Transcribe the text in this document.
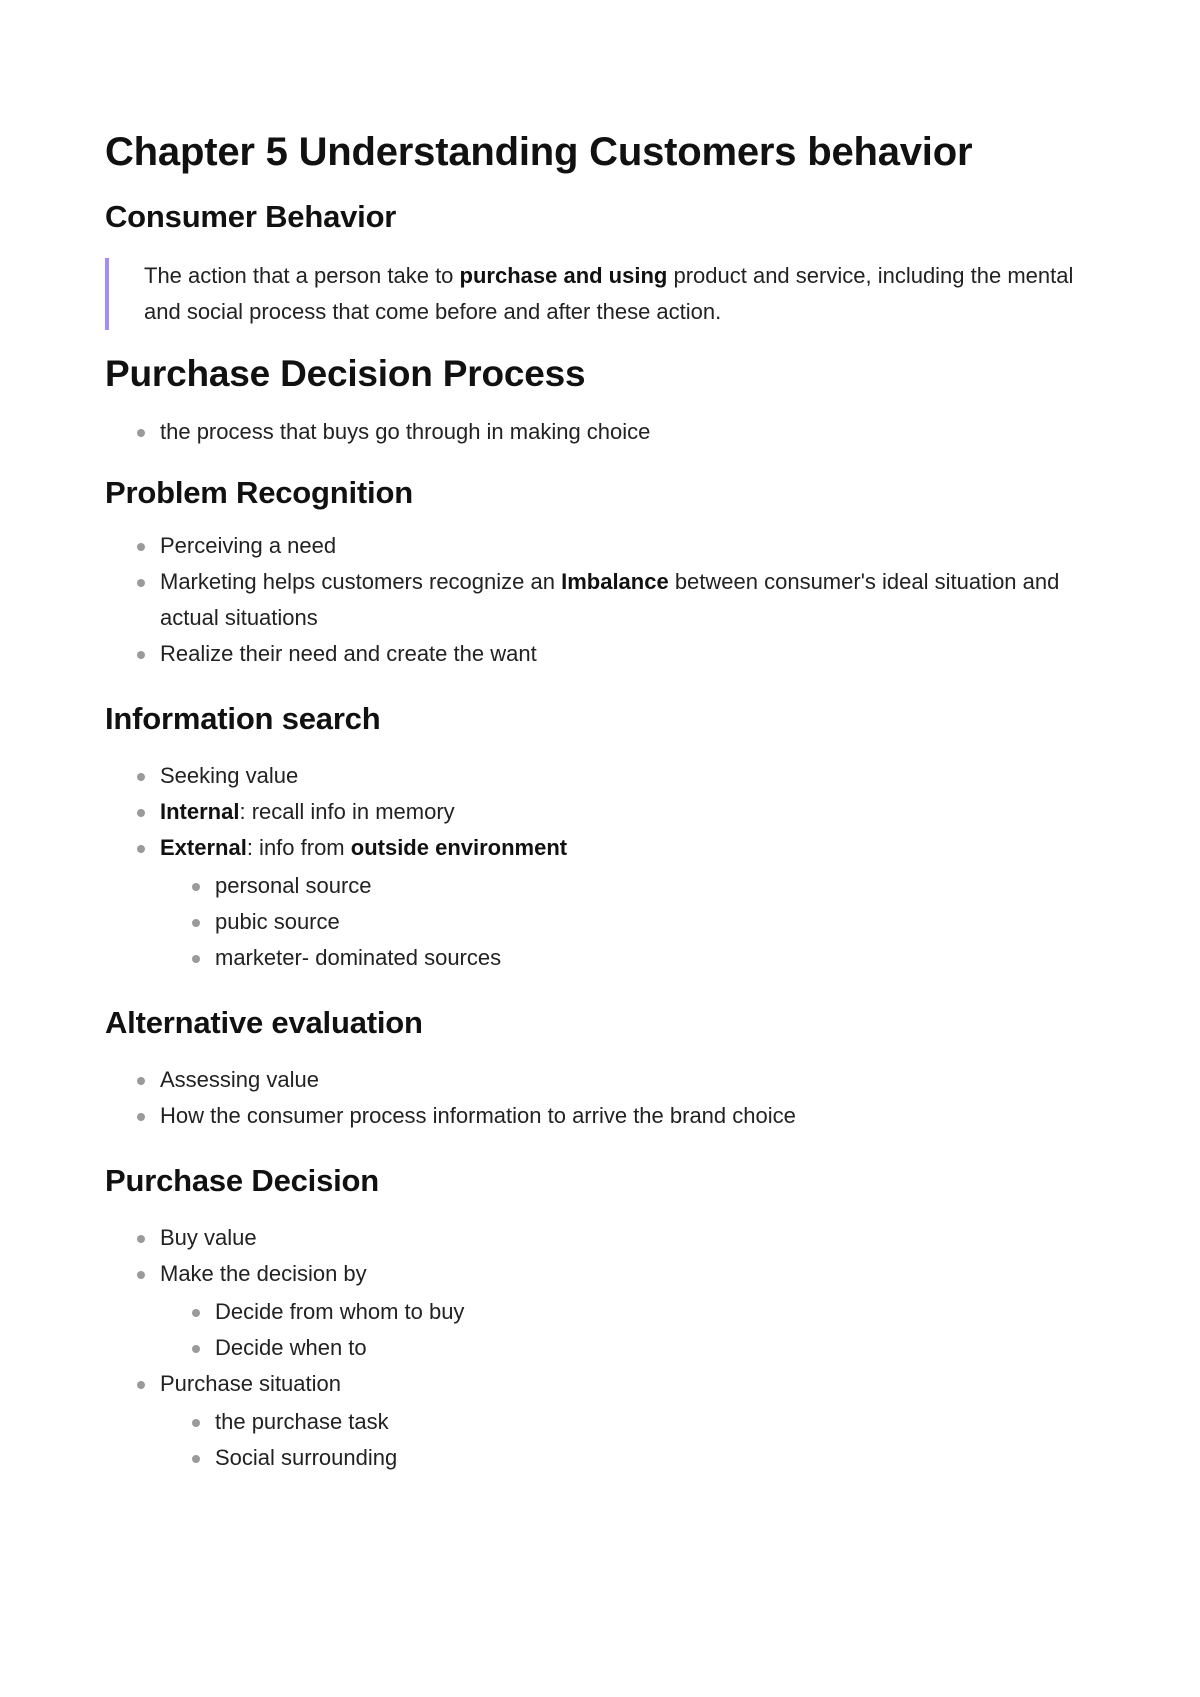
Chapter 5 Understanding Customers behavior
Consumer Behavior
The action that a person take to purchase and using product and service, including the mental and social process that come before and after these action.
Purchase Decision Process
the process that buys go through in making choice
Problem Recognition
Perceiving a need
Marketing helps customers recognize an Imbalance between consumer's ideal situation and actual situations
Realize their need and create the want
Information search
Seeking value
Internal: recall info in memory
External: info from outside environment
personal source
pubic source
marketer- dominated sources
Alternative evaluation
Assessing value
How the consumer process information to arrive the brand choice
Purchase Decision
Buy value
Make the decision by
Decide from whom to buy
Decide when to
Purchase situation
the purchase task
Social surrounding
